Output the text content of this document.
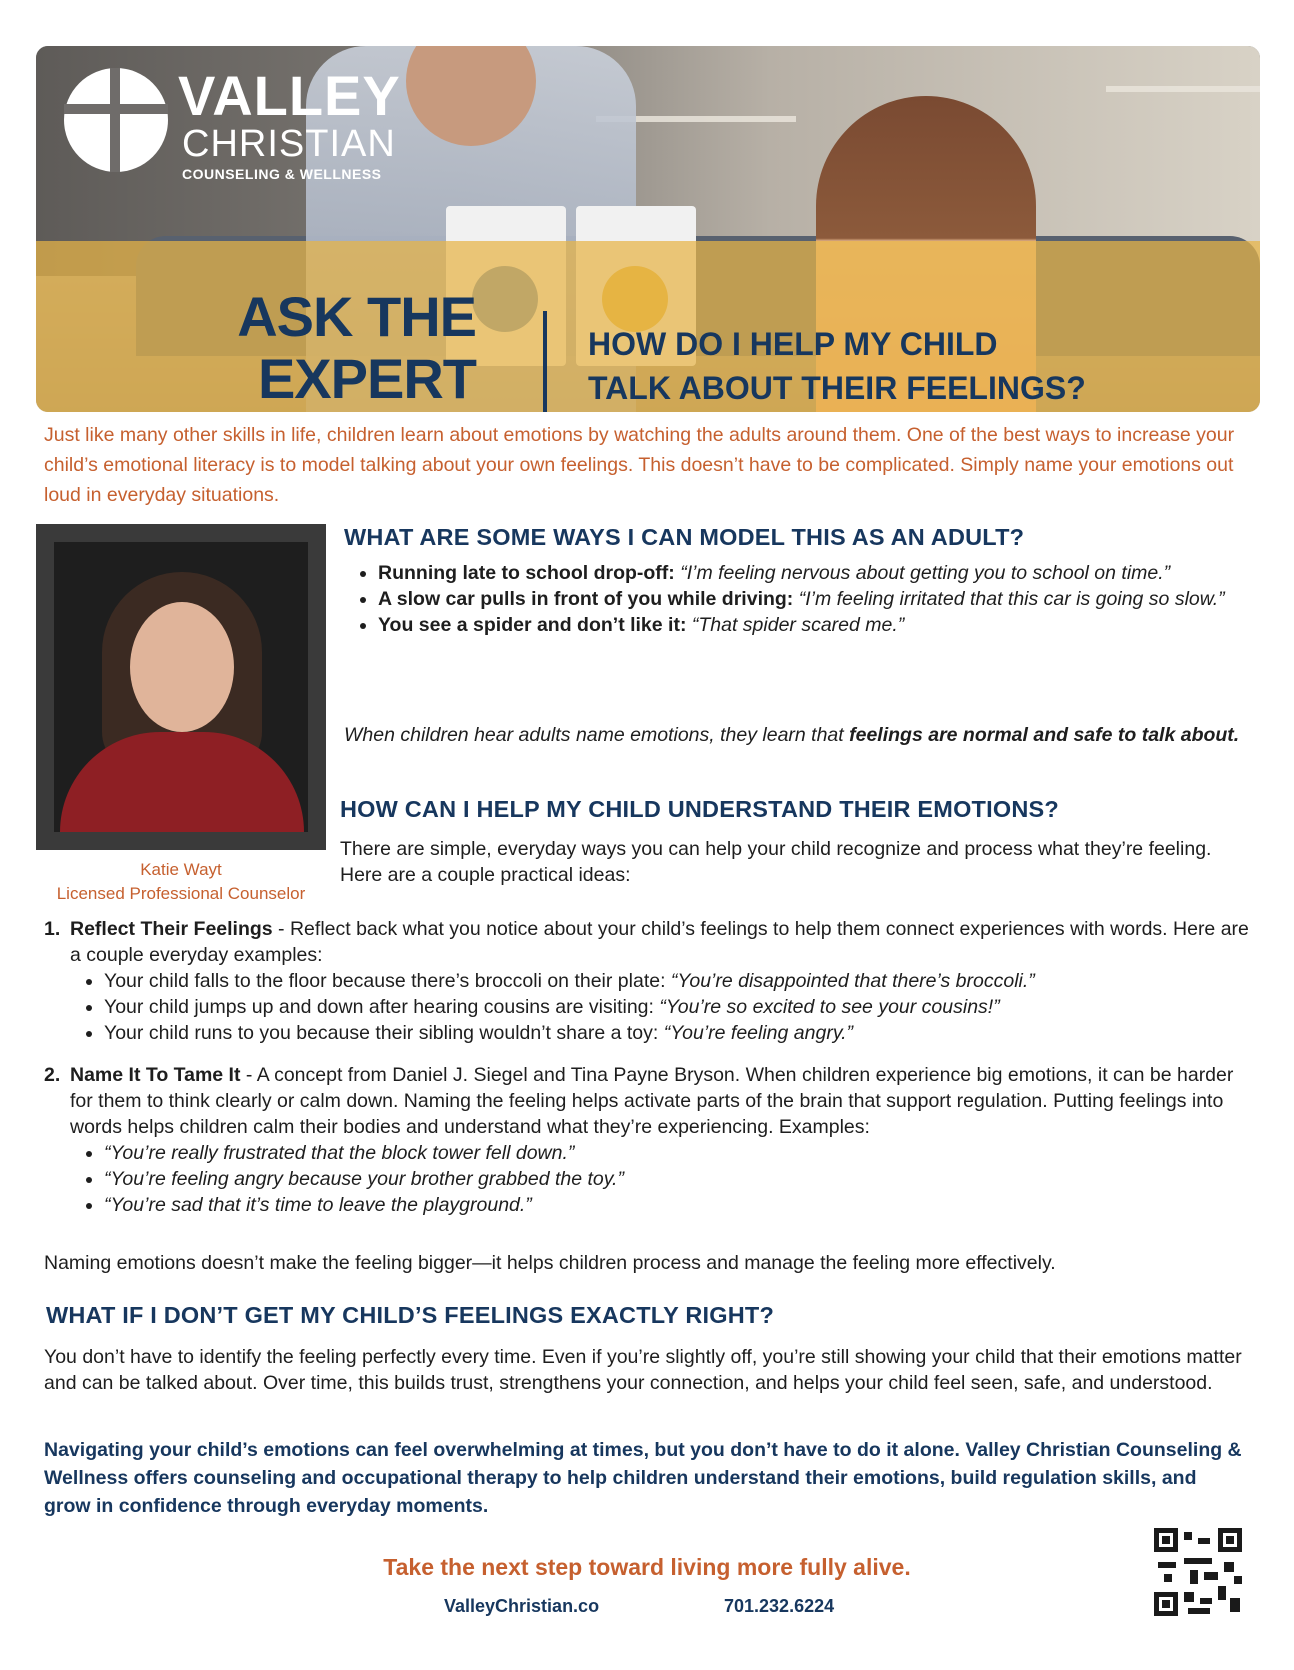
VALLEY
CHRISTIAN
COUNSELING & WELLNESS
ASK THE
EXPERT
HOW DO I HELP MY CHILD
TALK ABOUT THEIR FEELINGS?
Just like many other skills in life, children learn about emotions by watching the adults around them. One of the best ways to increase your child’s emotional literacy is to model talking about your own feelings. This doesn’t have to be complicated. Simply name your emotions out loud in everyday situations.
Katie Wayt
Licensed Professional Counselor
WHAT ARE SOME WAYS I CAN MODEL THIS AS AN ADULT?
• Running late to school drop-off: “I’m feeling nervous about getting you to school on time.”
• A slow car pulls in front of you while driving: “I’m feeling irritated that this car is going so slow.”
• You see a spider and don’t like it: “That spider scared me.”
When children hear adults name emotions, they learn that feelings are normal and safe to talk about.
HOW CAN I HELP MY CHILD UNDERSTAND THEIR EMOTIONS?
There are simple, everyday ways you can help your child recognize and process what they’re feeling. Here are a couple practical ideas:
1. Reflect Their Feelings - Reflect back what you notice about your child’s feelings to help them connect experiences with words. Here are a couple everyday examples:
• Your child falls to the floor because there’s broccoli on their plate: “You’re disappointed that there’s broccoli.”
• Your child jumps up and down after hearing cousins are visiting: “You’re so excited to see your cousins!”
• Your child runs to you because their sibling wouldn’t share a toy: “You’re feeling angry.”
2. Name It To Tame It - A concept from Daniel J. Siegel and Tina Payne Bryson. When children experience big emotions, it can be harder for them to think clearly or calm down. Naming the feeling helps activate parts of the brain that support regulation. Putting feelings into words helps children calm their bodies and understand what they’re experiencing. Examples:
• “You’re really frustrated that the block tower fell down.”
• “You’re feeling angry because your brother grabbed the toy.”
• “You’re sad that it’s time to leave the playground.”
Naming emotions doesn’t make the feeling bigger—it helps children process and manage the feeling more effectively.
WHAT IF I DON’T GET MY CHILD’S FEELINGS EXACTLY RIGHT?
You don’t have to identify the feeling perfectly every time. Even if you’re slightly off, you’re still showing your child that their emotions matter and can be talked about. Over time, this builds trust, strengthens your connection, and helps your child feel seen, safe, and understood.
Navigating your child’s emotions can feel overwhelming at times, but you don’t have to do it alone. Valley Christian Counseling & Wellness offers counseling and occupational therapy to help children understand their emotions, build regulation skills, and grow in confidence through everyday moments.
Take the next step toward living more fully alive.
ValleyChristian.co	701.232.6224
